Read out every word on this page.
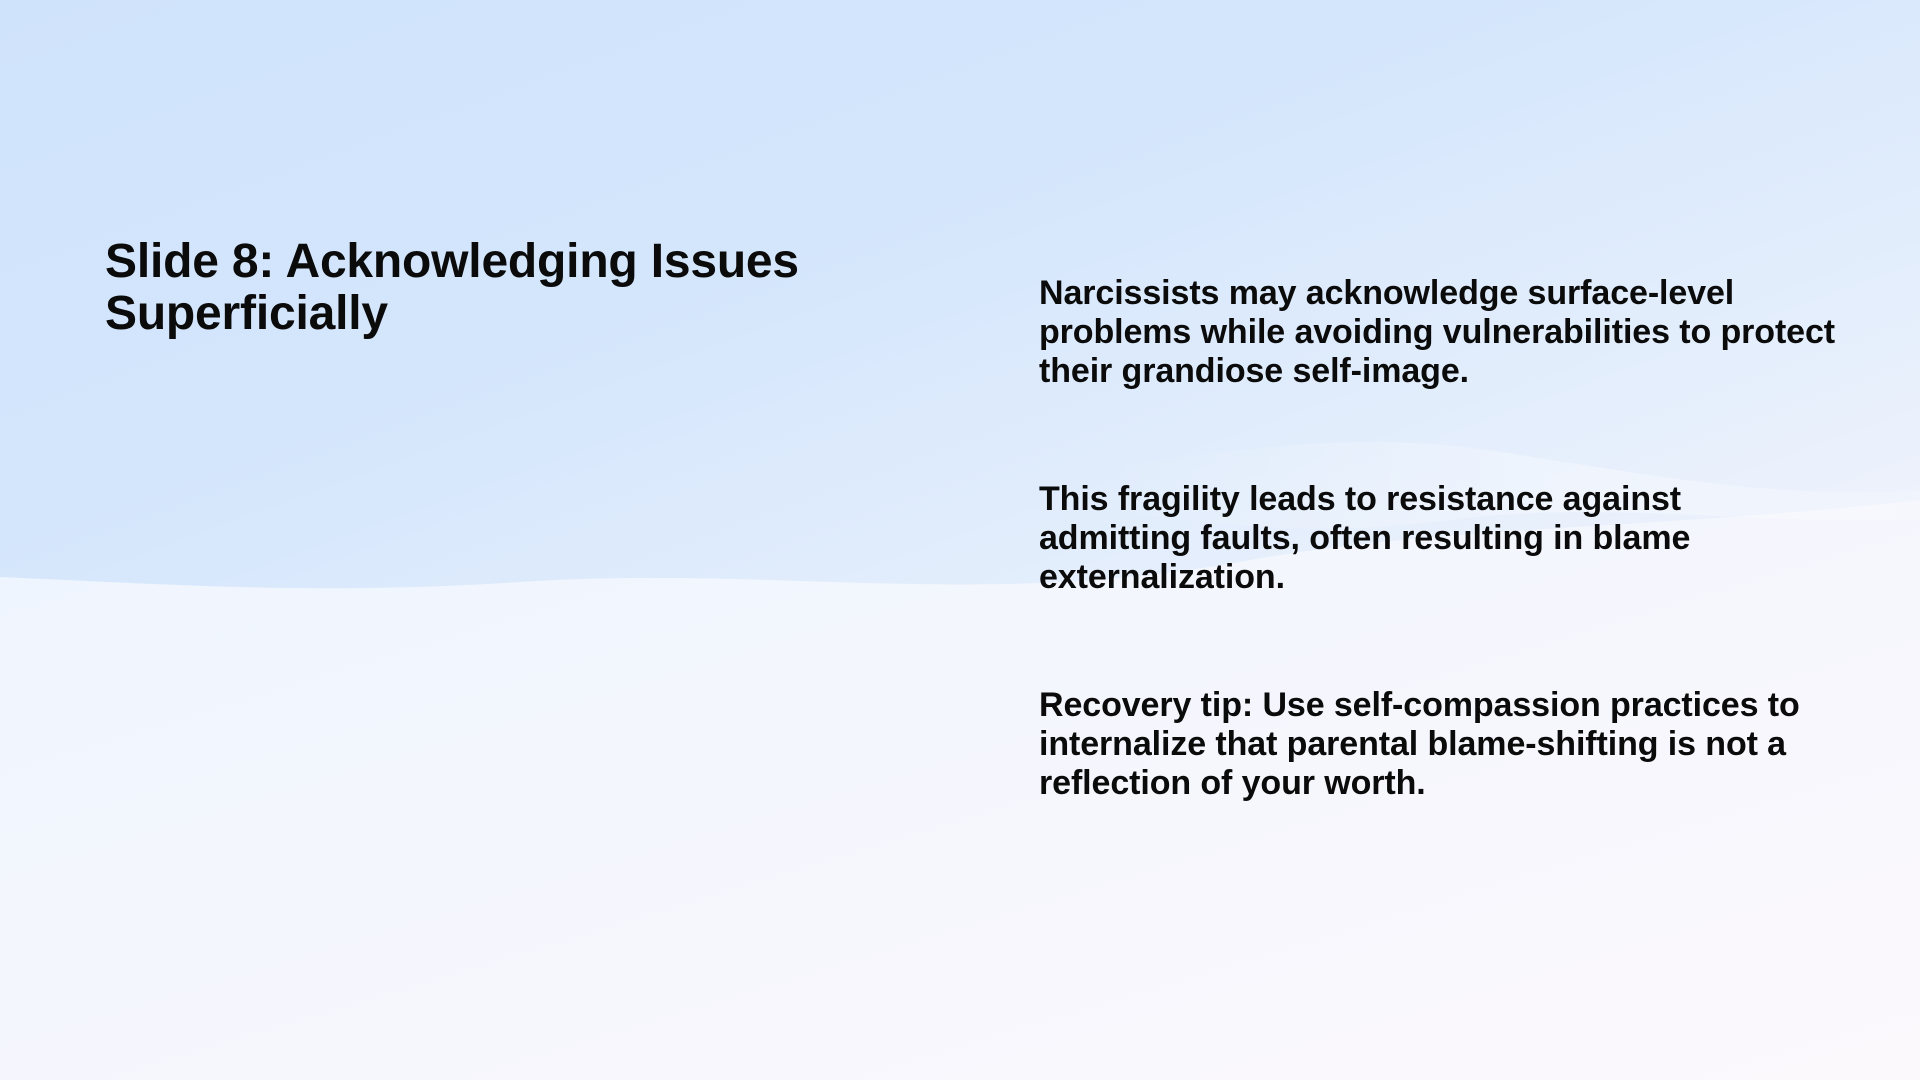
Slide 8: Acknowledging Issues Superficially	Narcissists may acknowledge surface-level problems while avoiding vulnerabilities to protect their grandiose self-image.

This fragility leads to resistance against admitting faults, often resulting in blame externalization.

Recovery tip: Use self-compassion practices to internalize that parental blame-shifting is not a reflection of your worth.
